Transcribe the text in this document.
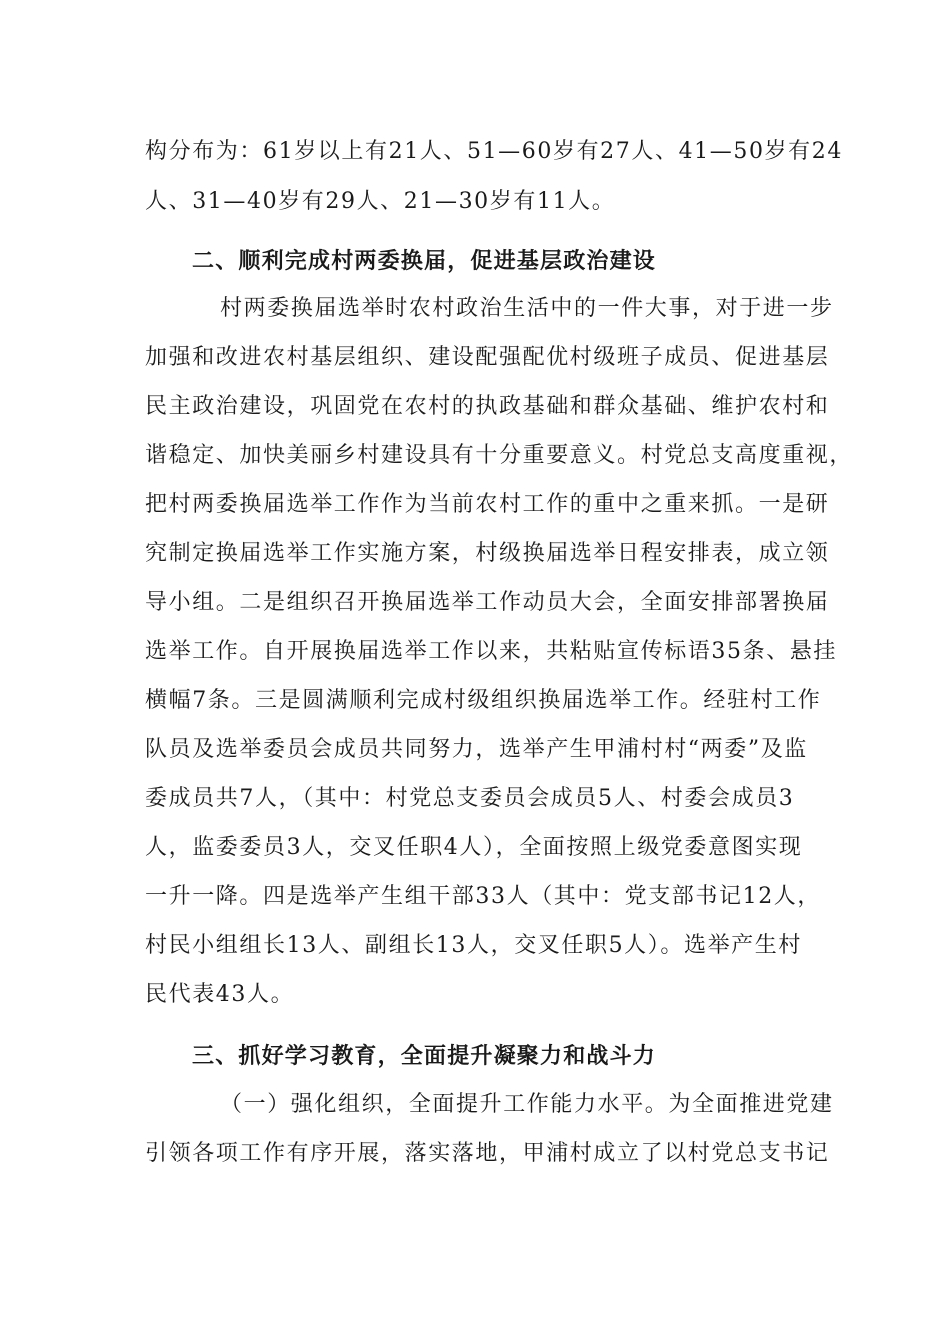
构分布为：61岁以上有21人、51—60岁有27人、41—50岁有24
人、31—40岁有29人、21—30岁有11人。
二、顺利完成村两委换届，促进基层政治建设
村两委换届选举时农村政治生活中的一件大事，对于进一步
加强和改进农村基层组织、建设配强配优村级班子成员、促进基层
民主政治建设，巩固党在农村的执政基础和群众基础、维护农村和
谐稳定、加快美丽乡村建设具有十分重要意义。村党总支高度重视，
把村两委换届选举工作作为当前农村工作的重中之重来抓。一是研
究制定换届选举工作实施方案，村级换届选举日程安排表，成立领
导小组。二是组织召开换届选举工作动员大会，全面安排部署换届
选举工作。自开展换届选举工作以来，共粘贴宣传标语35条、悬挂
横幅7条。三是圆满顺利完成村级组织换届选举工作。经驻村工作
队员及选举委员会成员共同努力，选举产生甲浦村村“两委”及监
委成员共7人，（其中：村党总支委员会成员5人、村委会成员3
人，监委委员3人，交叉任职4人），全面按照上级党委意图实现
一升一降。四是选举产生组干部33人（其中：党支部书记12人，
村民小组组长13人、副组长13人，交叉任职5人）。选举产生村
民代表43人。
三、抓好学习教育，全面提升凝聚力和战斗力
（一）强化组织，全面提升工作能力水平。为全面推进党建
引领各项工作有序开展，落实落地，甲浦村成立了以村党总支书记
